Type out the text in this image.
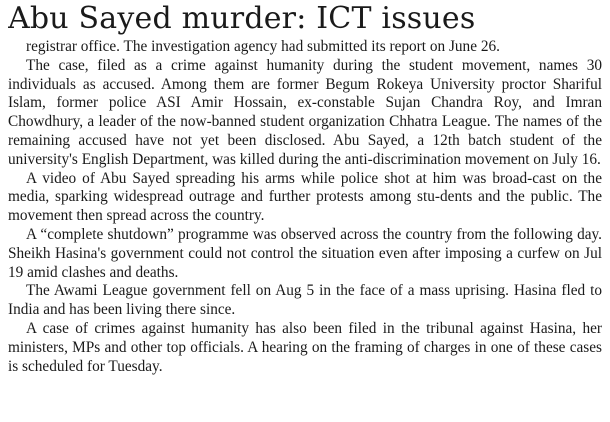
Abu Sayed murder: ICT issues

registrar office. The investigation agency had submitted its report on June 26.

The case, filed as a crime against humanity during the student movement, names 30 individuals as accused. Among them are former Begum Rokeya University proctor Shariful Islam, former police ASI Amir Hossain, ex-constable Sujan Chandra Roy, and Imran Chowdhury, a leader of the now-banned student organization Chhatra League. The names of the remaining accused have not yet been disclosed. Abu Sayed, a 12th batch student of the university's English Department, was killed during the anti-discrimination movement on July 16.

A video of Abu Sayed spreading his arms while police shot at him was broad-cast on the media, sparking widespread outrage and further protests among stu-dents and the public. The movement then spread across the country.

A “complete shutdown” programme was observed across the country from the following day. Sheikh Hasina's government could not control the situation even after imposing a curfew on Jul 19 amid clashes and deaths.

The Awami League government fell on Aug 5 in the face of a mass uprising. Hasina fled to India and has been living there since.

A case of crimes against humanity has also been filed in the tribunal against Hasina, her ministers, MPs and other top officials. A hearing on the framing of charges in one of these cases is scheduled for Tuesday.
